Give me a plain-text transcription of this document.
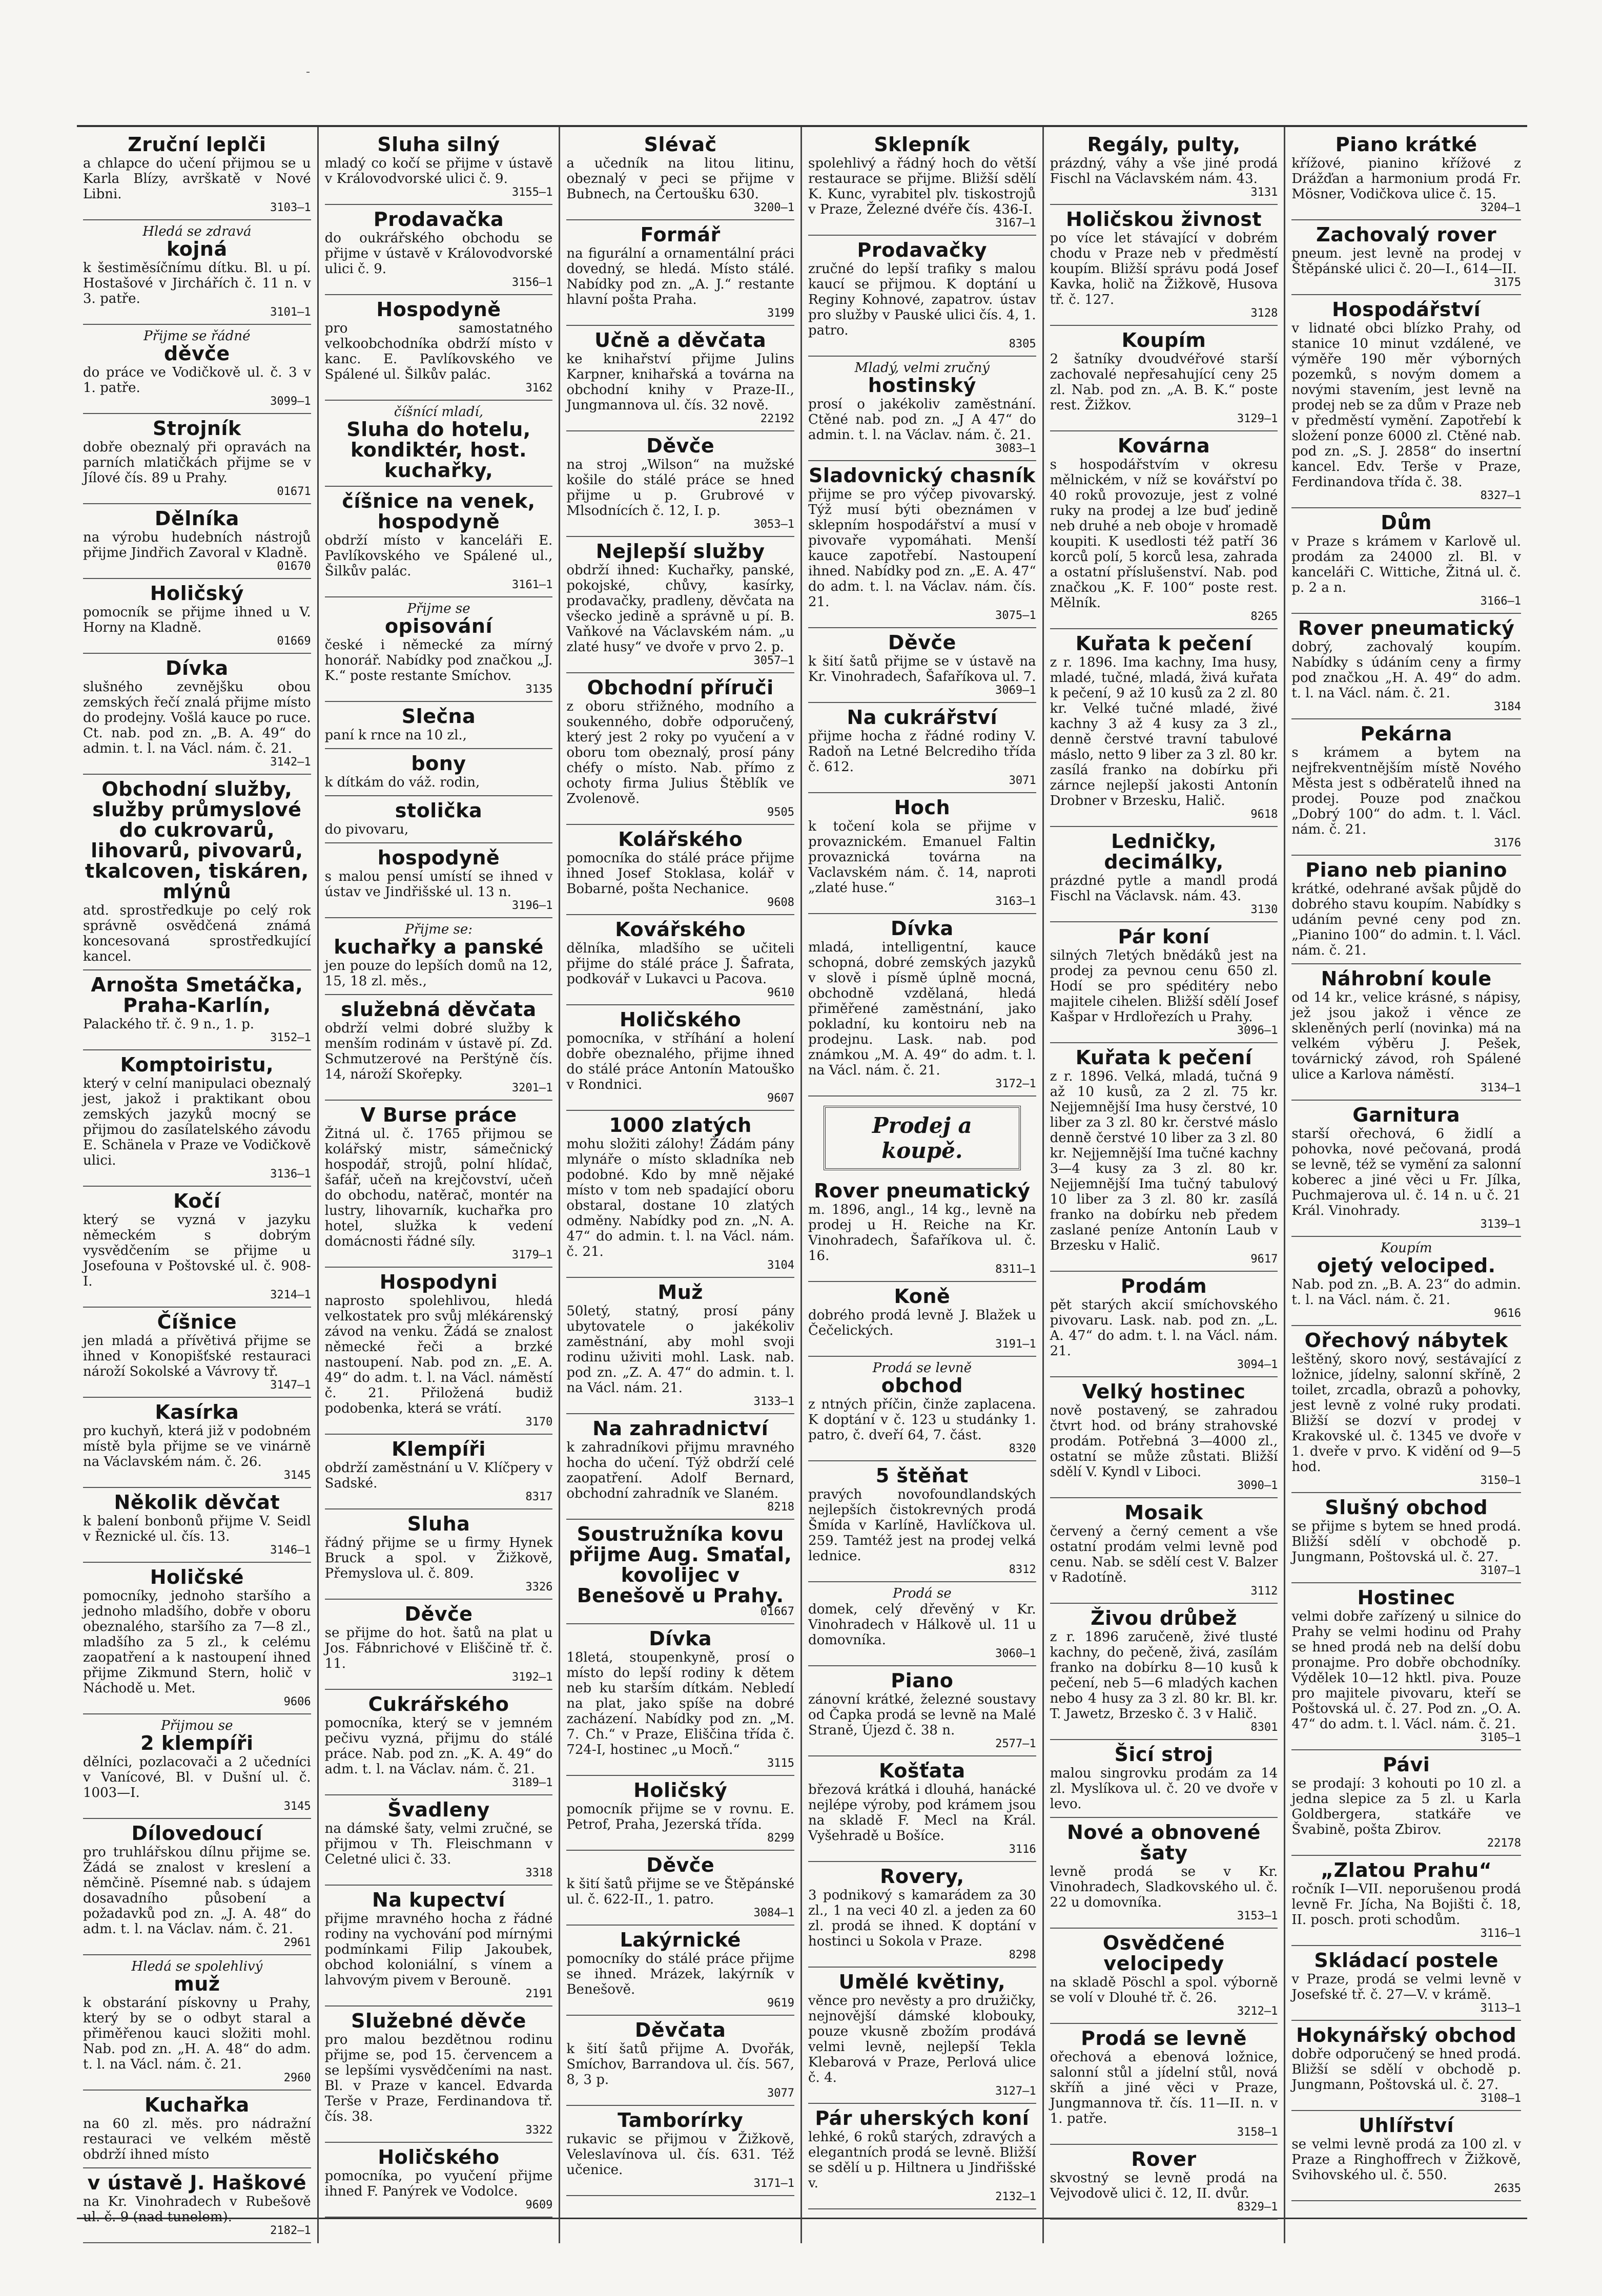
Zruční leplči
a chlapce do učení přijmou se u Karla Blízy, avrškatě v Nové Libni.
3103—1
Hledá se zdravá
kojná
k šestiměsíčnímu dítku. Bl. u pí. Hostašové v Jirchářích č. 11 n. v 3. patře.
3101—1
Přijme se řádné
děvče
do práce ve Vodičkově ul. č. 3 v 1. patře.
3099—1
Strojník
dobře obeznalý při opravách na parních mlatičkách přijme se v Jílové čís. 89 u Prahy.
01671
Dělníka
na výrobu hudebních nástrojů přijme Jindřich Zavoral v Kladně.
01670
Holičský
pomocník se přijme ihned u V. Horny na Kladně.
01669
Dívka
slušného zevnějšku obou zemských řečí znalá přijme místo do prodejny. Vošlá kauce po ruce. Ct. nab. pod zn. „B. A. 49“ do admin. t. l. na Václ. nám. č. 21.
3142—1
Obchodní služby, služby průmyslové do cukrovarů, lihovarů, pivovarů, tkalcoven, tiskáren, mlýnů
atd. sprostředkuje po celý rok správně osvědčená známá koncesovaná sprostředkující kancel.
Arnošta Smetáčka, Praha-Karlín,
Palackého tř. č. 9 n., 1. p.
3152—1
Komptoiristu,
který v celní manipulaci obeznalý jest, jakož i praktikant obou zemských jazyků mocný se přijmou do zasílatelského závodu E. Schänela v Praze ve Vodičkově ulici.
3136—1
Kočí
který se vyzná v jazyku německém s dobrým vysvědčením se přijme u Josefouna v Poštovské ul. č. 908-I.
3214—1
Číšnice
jen mladá a přívětivá přijme se ihned v Konopišťské restauraci nároží Sokolské a Vávrovy tř.
3147—1
Kasírka
pro kuchyň, která již v podobném místě byla přijme se ve vinárně na Václavském nám. č. 26.
3145
Několik děvčat
k balení bonbonů přijme V. Seidl v Řeznické ul. čís. 13.
3146—1
Holičské
pomocníky, jednoho staršího a jednoho mladšího, dobře v oboru obeznalého, staršího za 7—8 zl., mladšího za 5 zl., k celému zaopatření a k nastoupení ihned přijme Zikmund Stern, holič v Náchodě u. Met.
9606
Přijmou se
2 klempíři
dělníci, pozlacovači a 2 učedníci v Vanícové, Bl. v Dušní ul. č. 1003—I.
3145
Dílovedoucí
pro truhlářskou dílnu přijme se. Žádá se znalost v kreslení a němčině. Písemné nab. s údajem dosavadního působení a požadavků pod zn. „J. A. 48“ do adm. t. l. na Václav. nám. č. 21.
2961
Hledá se spolehlivý
muž
k obstarání pískovny u Prahy, který by se o odbyt staral a přiměřenou kauci složiti mohl. Nab. pod zn. „H. A. 48“ do adm. t. l. na Václ. nám. č. 21.
2960
Kuchařka
na 60 zl. měs. pro nádražní restauraci ve velkém městě obdrží ihned místo
v ústavě J. Haškové
na Kr. Vinohradech v Rubešově ul. č. 9 (nad tunelem).
2182—1
Sluha silný
mladý co kočí se přijme v ústavě v Královodvorské ulici č. 9.
3155—1
Prodavačka
do oukrářského obchodu se přijme v ústavě v Královodvorské ulici č. 9.
3156—1
Hospodyně
pro samostatného velkoobchodníka obdrží místo v kanc. E. Pavlíkovského ve Spálené ul. Šilkův palác.
3162
číšnící mladí,
Sluha do hotelu, kondiktér, host. kuchařky,
číšnice na venek, hospodyně
obdrží místo v kanceláři E. Pavlíkovského ve Spálené ul., Šilkův palác.
3161—1
Přijme se
opisování
české i německé za mírný honorář. Nabídky pod značkou „J. K.“ poste restante Smíchov.
3135
Slečna
paní k rnce na 10 zl.,
bony
k dítkám do váž. rodin,
stolička
do pivovaru,
hospodyně
s malou pensí umístí se ihned v ústav ve Jindřišské ul. 13 n.
3196—1
Přijme se:
kuchařky a panské
jen pouze do lepších domů na 12, 15, 18 zl. měs.,
služebná děvčata
obdrží velmi dobré služby k menším rodinám v ústavě pí. Zd. Schmutzerové na Perštýně čís. 14, nároží Skořepky.
3201—1
V Burse práce
Žitná ul. č. 1765 přijmou se kolářský mistr, sámečnický hospodář, strojů, polní hlídač, šafář, učeň na krejčovství, učeň do obchodu, natěrač, montér na lustry, lihovarník, kuchařka pro hotel, služka k vedení domácnosti řádné síly.
3179—1
Hospodyni
naprosto spolehlivou, hledá velkostatek pro svůj mlékárenský závod na venku. Žádá se znalost německé řeči a brzké nastoupení. Nab. pod zn. „E. A. 49“ do adm. t. l. na Václ. náměstí č. 21. Přiložená budiž podobenka, která se vrátí.
3170
Klempíři
obdrží zaměstnání u V. Klíčpery v Sadské.
8317
Sluha
řádný přijme se u firmy Hynek Bruck a spol. v Žižkově, Přemyslova ul. č. 809.
3326
Děvče
se přijme do hot. šatů na plat u Jos. Fábnrichové v Eliščině tř. č. 11.
3192—1
Cukrářského
pomocníka, který se v jemném pečivu vyzná, přijmu do stálé práce. Nab. pod zn. „K. A. 49“ do adm. t. l. na Václav. nám. č. 21.
3189—1
Švadleny
na dámské šaty, velmi zručné, se přijmou v Th. Fleischmann v Celetné ulici č. 33.
3318
Na kupectví
přijme mravného hocha z řádné rodiny na vychování pod mírnými podmínkami Filip Jakoubek, obchod koloniální, s vínem a lahvovým pivem v Berouně.
2191
Služebné děvče
pro malou bezdětnou rodinu přijme se, pod 15. červencem a se lepšími vysvědčeními na nast. Bl. v Praze v kancel. Edvarda Terše v Praze, Ferdinandova tř. čís. 38.
3322
Holičského
pomocníka, po vyučení přijme ihned F. Panýrek ve Vodolce.
9609
Slévač
a učedník na litou litinu, obeznalý v peci se přijme v Bubnech, na Čertoušku 630.
3200—1
Formář
na figurální a ornamentální práci dovedný, se hledá. Místo stálé. Nabídky pod zn. „A. J.“ restante hlavní pošta Praha.
3199
Učně a děvčata
ke knihařství přijme Julins Karpner, knihařská a továrna na obchodní knihy v Praze-II., Jungmannova ul. čís. 32 nově.
22192
Děvče
na stroj „Wilson“ na mužské košile do stálé práce se hned přijme u p. Grubrové v Mlsodnících č. 12, I. p.
3053—1
Nejlepší služby
obdrží ihned: Kuchařky, panské, pokojské, chůvy, kasírky, prodavačky, pradleny, děvčata na všecko jedině a správně u pí. B. Vaňkové na Václavském nám. „u zlaté husy“ ve dvoře v prvo 2. p.
3057—1
Obchodní příruči
z oboru střižného, modního a soukenného, dobře odporučený, který jest 2 roky po vyučení a v oboru tom obeznalý, prosí pány chéfy o místo. Nab. přímo z ochoty firma Julius Štěblík ve Zvolenově.
9505
Kolářského
pomocníka do stálé práce přijme ihned Josef Stoklasa, kolář v Bobarné, pošta Nechanice.
9608
Kovářského
dělníka, mladšího se učiteli přijme do stálé práce J. Šafrata, podkovář v Lukavci u Pacova.
9610
Holičského
pomocníka, v stříhání a holení dobře obeznalého, přijme ihned do stálé práce Antonín Matouško v Rondnici.
9607
1000 zlatých
mohu složiti zálohy! Žádám pány mlynáře o místo skladníka neb podobné. Kdo by mně nějaké místo v tom neb spadající oboru obstaral, dostane 10 zlatých odměny. Nabídky pod zn. „N. A. 47“ do admin. t. l. na Václ. nám. č. 21.
3104
Muž
50letý, statný, prosí pány ubytovatele o jakékoliv zaměstnání, aby mohl svoji rodinu uživiti mohl. Lask. nab. pod zn. „Z. A. 47“ do admin. t. l. na Václ. nám. 21.
3133—1
Na zahradnictví
k zahradníkovi přijmu mravného hocha do učení. Týž obdrží celé zaopatření. Adolf Bernard, obchodní zahradník ve Slaném.
8218
Soustružníka kovu přijme Aug. Smaťal, kovolijec v Benešově u Prahy.
01667
Dívka
18letá, stoupenkyně, prosí o místo do lepší rodiny k dětem neb ku starším dítkám. Nebledí na plat, jako spíše na dobré zacházení. Nabídky pod zn. „M. 7. Ch.“ v Praze, Eliščina třída č. 724-I, hostinec „u Mocň.“
3115
Holičský
pomocník přijme se v rovnu. E. Petrof, Praha, Jezerská třída.
8299
Děvče
k šití šatů přijme se ve Štěpánské ul. č. 622-II., 1. patro.
3084—1
Lakýrnické
pomocníky do stálé práce přijme se ihned. Mrázek, lakýrník v Benešově.
9619
Děvčata
k šití šatů přijme A. Dvořák, Smíchov, Barrandova ul. čís. 567, 8, 3 p.
3077
Tamborírky
rukavic se přijmou v Žižkově, Veleslavínova ul. čís. 631. Též učenice.
3171—1
Sklepník
spolehlivý a řádný hoch do větší restaurace se přijme. Bližší sdělí K. Kunc, vyrabitel plv. tiskostrojů v Praze, Železné dvéře čís. 436-I.
3167—1
Prodavačky
zručné do lepší trafiky s malou kaucí se přijmou. K doptání u Reginy Kohnové, zapatrov. ústav pro služby v Pauské ulici čís. 4, 1. patro.
8305
Mladý, velmi zručný
hostinský
prosí o jakékoliv zaměstnání. Ctěné nab. pod zn. „J A 47“ do admin. t. l. na Václav. nám. č. 21.
3083—1
Sladovnický chasník
přijme se pro výčep pivovarský. Týž musí býti obeznámen v sklepním hospodářství a musí v pivovaře vypomáhati. Menší kauce zapotřebí. Nastoupení ihned. Nabídky pod zn. „E. A. 47“ do adm. t. l. na Václav. nám. čís. 21.
3075—1
Děvče
k šití šatů přijme se v ústavě na Kr. Vinohradech, Šafaříkova ul. 7.
3069—1
Na cukrářství
přijme hocha z řádné rodiny V. Radoň na Letné Belcrediho třída č. 612.
3071
Hoch
k točení kola se přijme v provaznickém. Emanuel Faltin provaznická továrna na Vaclavském nám. č. 14, naproti „zlaté huse.“
3163—1
Dívka
mladá, intelligentní, kauce schopná, dobré zemských jazyků v slově i písmě úplně mocná, obchodně vzdělaná, hledá přiměřené zaměstnání, jako pokladní, ku kontoiru neb na prodejnu. Lask. nab. pod známkou „M. A. 49“ do adm. t. l. na Václ. nám. č. 21.
3172—1
Prodej a koupě.
Rover pneumatický
m. 1896, angl., 14 kg., levně na prodej u H. Reiche na Kr. Vinohradech, Šafaříkova ul. č. 16.
8311—1
Koně
dobrého prodá levně J. Blažek u Čečelických.
3191—1
Prodá se levně
obchod
z ntných příčin, činže zaplacena. K doptání v č. 123 u studánky 1. patro, č. dveří 64, 7. část.
8320
5 štěňat
pravých novofoundlandských nejlepších čistokrevných prodá Šmída v Karlíně, Havlíčkova ul. 259. Tamtéž jest na prodej velká lednice.
8312
Prodá se
domek, celý dřevěný v Kr. Vinohradech v Hálkově ul. 11 u domovníka.
3060—1
Piano
zánovní krátké, železné soustavy od Čapka prodá se levně na Malé Straně, Újezd č. 38 n.
2577—1
Košťata
březová krátká i dlouhá, hanácké nejlépe výroby, pod krámem jsou na skladě F. Mecl na Král. Vyšehradě u Bošíce.
3116
Rovery,
3 podnikový s kamarádem za 30 zl., 1 na veci 40 zl. a jeden za 60 zl. prodá se ihned. K doptání v hostinci u Sokola v Praze.
8298
Umělé květiny,
věnce pro nevěsty a pro družičky, nejnovější dámské klobouky, pouze vkusně zbožím prodává velmi levně, nejlepší Tekla Klebarová v Praze, Perlová ulice č. 4.
3127—1
Pár uherských koní
lehké, 6 roků starých, zdravých a elegantních prodá se levně. Bližší se sdělí u p. Hiltnera u Jindřišské v.
2132—1
Regály, pulty,
prázdný, váhy a vše jiné prodá Fischl na Václavském nám. 43.
3131
Holičskou živnost
po více let stávající v dobrém chodu v Praze neb v předměstí koupím. Bližší správu podá Josef Kavka, holič na Žižkově, Husova tř. č. 127.
3128
Koupím
2 šatníky dvoudvéřové starší zachovalé nepřesahující ceny 25 zl. Nab. pod zn. „A. B. K.“ poste rest. Žižkov.
3129—1
Kovárna
s hospodářstvím v okresu mělnickém, v níž se kovářství po 40 roků provozuje, jest z volné ruky na prodej a lze buď jedině neb druhé a neb oboje v hromadě koupiti. K usedlosti též patří 36 korců polí, 5 korců lesa, zahrada a ostatní příslušenství. Nab. pod značkou „K. F. 100“ poste rest. Mělník.
8265
Kuřata k pečení
z r. 1896. Ima kachny, Ima husy, mladé, tučné, mladá, živá kuřata k pečení, 9 až 10 kusů za 2 zl. 80 kr. Velké tučné mladé, živé kachny 3 až 4 kusy za 3 zl., denně čerstvé travní tabulové máslo, netto 9 liber za 3 zl. 80 kr. zasílá franko na dobírku při zárnce nejlepší jakosti Antonín Drobner v Brzesku, Halič.
9618
Ledničky, decimálky,
prázdné pytle a mandl prodá Fischl na Václavsk. nám. 43.
3130
Pár koní
silných 7letých bnědáků jest na prodej za pevnou cenu 650 zl. Hodí se pro spéditéry nebo majitele cihelen. Bližší sdělí Josef Kašpar v Hrdlořezích u Prahy.
3096—1
Kuřata k pečení
z r. 1896. Velká, mladá, tučná 9 až 10 kusů, za 2 zl. 75 kr. Nejjemnější Ima husy čerstvé, 10 liber za 3 zl. 80 kr. čerstvé máslo denně čerstvé 10 liber za 3 zl. 80 kr. Nejjemnější Ima tučné kachny 3—4 kusy za 3 zl. 80 kr. Nejjemnější Ima tučný tabulový 10 liber za 3 zl. 80 kr. zasílá franko na dobírku neb předem zaslané peníze Antonín Laub v Brzesku v Halič.
9617
Prodám
pět starých akcií smíchovského pivovaru. Lask. nab. pod zn. „L. A. 47“ do adm. t. l. na Václ. nám. 21.
3094—1
Velký hostinec
nově postavený, se zahradou čtvrt hod. od brány strahovské prodám. Potřebná 3—4000 zl., ostatní se může zůstati. Bližší sdělí V. Kyndl v Liboci.
3090—1
Mosaik
červený a černý cement a vše ostatní prodám velmi levně pod cenu. Nab. se sdělí cest V. Balzer v Radotíně.
3112
Živou drůbež
z r. 1896 zaručeně, živé tlusté kachny, do pečeně, živá, zasílám franko na dobírku 8—10 kusů k pečení, neb 5—6 mladých kachen nebo 4 husy za 3 zl. 80 kr. Bl. kr. T. Jawetz, Brzesko č. 3 v Halič.
8301
Šicí stroj
malou singrovku prodám za 14 zl. Myslíkova ul. č. 20 ve dvoře v levo.
Nové a obnovené šaty
levně prodá se v Kr. Vinohradech, Sladkovského ul. č. 22 u domovníka.
3153—1
Osvědčené velocipedy
na skladě Pöschl a spol. výborně se volí v Dlouhé tř. č. 26.
3212—1
Prodá se levně
ořechová a ebenová ložnice, salonní stůl a jídelní stůl, nová skříň a jiné věci v Praze, Jungmannova tř. čís. 11—II. n. v 1. patře.
3158—1
Rover
skvostný se levně prodá na Vejvodově ulici č. 12, II. dvůr.
8329—1
Piano krátké
křížové, pianino křížové z Drážďan a harmonium prodá Fr. Mösner, Vodičkova ulice č. 15.
3204—1
Zachovalý rover
pneum. jest levně na prodej v Štěpánské ulici č. 20—I., 614—II.
3175
Hospodářství
v lidnaté obci blízko Prahy, od stanice 10 minut vzdálené, ve výměře 190 měr výborných pozemků, s novým domem a novými stavením, jest levně na prodej neb se za dům v Praze neb v předměstí vymění. Zapotřebí k složení ponze 6000 zl. Ctěné nab. pod zn. „S. J. 2858“ do insertní kancel. Edv. Terše v Praze, Ferdinandova třída č. 38.
8327—1
Dům
v Praze s krámem v Karlově ul. prodám za 24000 zl. Bl. v kanceláři C. Wittiche, Žitná ul. č. p. 2 a n.
3166—1
Rover pneumatický
dobrý, zachovalý koupím. Nabídky s údáním ceny a firmy pod značkou „H. A. 49“ do adm. t. l. na Václ. nám. č. 21.
3184
Pekárna
s krámem a bytem na nejfrekventnějším místě Nového Města jest s odběratelů ihned na prodej. Pouze pod značkou „Dobrý 100“ do adm. t. l. Václ. nám. č. 21.
3176
Piano neb pianino
krátké, odehrané avšak půjdě do dobrého stavu koupím. Nabídky s udáním pevné ceny pod zn. „Pianino 100“ do admin. t. l. Václ. nám. č. 21.
Náhrobní koule
od 14 kr., velice krásné, s nápisy, jež jsou jakož i věnce ze skleněných perlí (novinka) má na velkém výběru J. Pešek, továrnický závod, roh Spálené ulice a Karlova náměstí.
3134—1
Garnitura
starší ořechová, 6 židlí a pohovka, nové pečovaná, prodá se levně, též se vymění za salonní koberec a jiné věci u Fr. Jílka, Puchmajerova ul. č. 14 n. u č. 21 Král. Vinohrady.
3139—1
Koupím
ojetý velociped.
Nab. pod zn. „B. A. 23“ do admin. t. l. na Václ. nám. č. 21.
9616
Ořechový nábytek
leštěný, skoro nový, sestávající z ložnice, jídelny, salonní skříně, 2 toilet, zrcadla, obrazů a pohovky, jest levně z volné ruky prodati. Bližší se dozví v prodej v Krakovské ul. č. 1345 ve dvoře v 1. dveře v prvo. K vidění od 9—5 hod.
3150—1
Slušný obchod
se přijme s bytem se hned prodá. Bližší sdělí v obchodě p. Jungmann, Poštovská ul. č. 27.
3107—1
Hostinec
velmi dobře zařízený u silnice do Prahy se velmi hodinu od Prahy se hned prodá neb na delší dobu pronajme. Pro dobře obchodníky. Výdělek 10—12 hktl. piva. Pouze pro majitele pivovaru, kteří se Poštovská ul. č. 27. Pod zn. „O. A. 47“ do adm. t. l. Václ. nám. č. 21.
3105—1
Pávi
se prodají: 3 kohouti po 10 zl. a jedna slepice za 5 zl. u Karla Goldbergera, statkáře ve Švabině, pošta Zbirov.
22178
„Zlatou Prahu“
ročník I—VII. neporušenou prodá levně Fr. Jícha, Na Bojišti č. 18, II. posch. proti schodům.
3116—1
Skládací postele
v Praze, prodá se velmi levně v Josefské tř. č. 27—V. v krámě.
3113—1
Hokynářský obchod
dobře odporučený se hned prodá. Bližší se sdělí v obchodě p. Jungmann, Poštovská ul. č. 27.
3108—1
Uhlířství
se velmi levně prodá za 100 zl. v Praze a Ringhoffrech v Žižkově, Svihovského ul. č. 550.
2635
